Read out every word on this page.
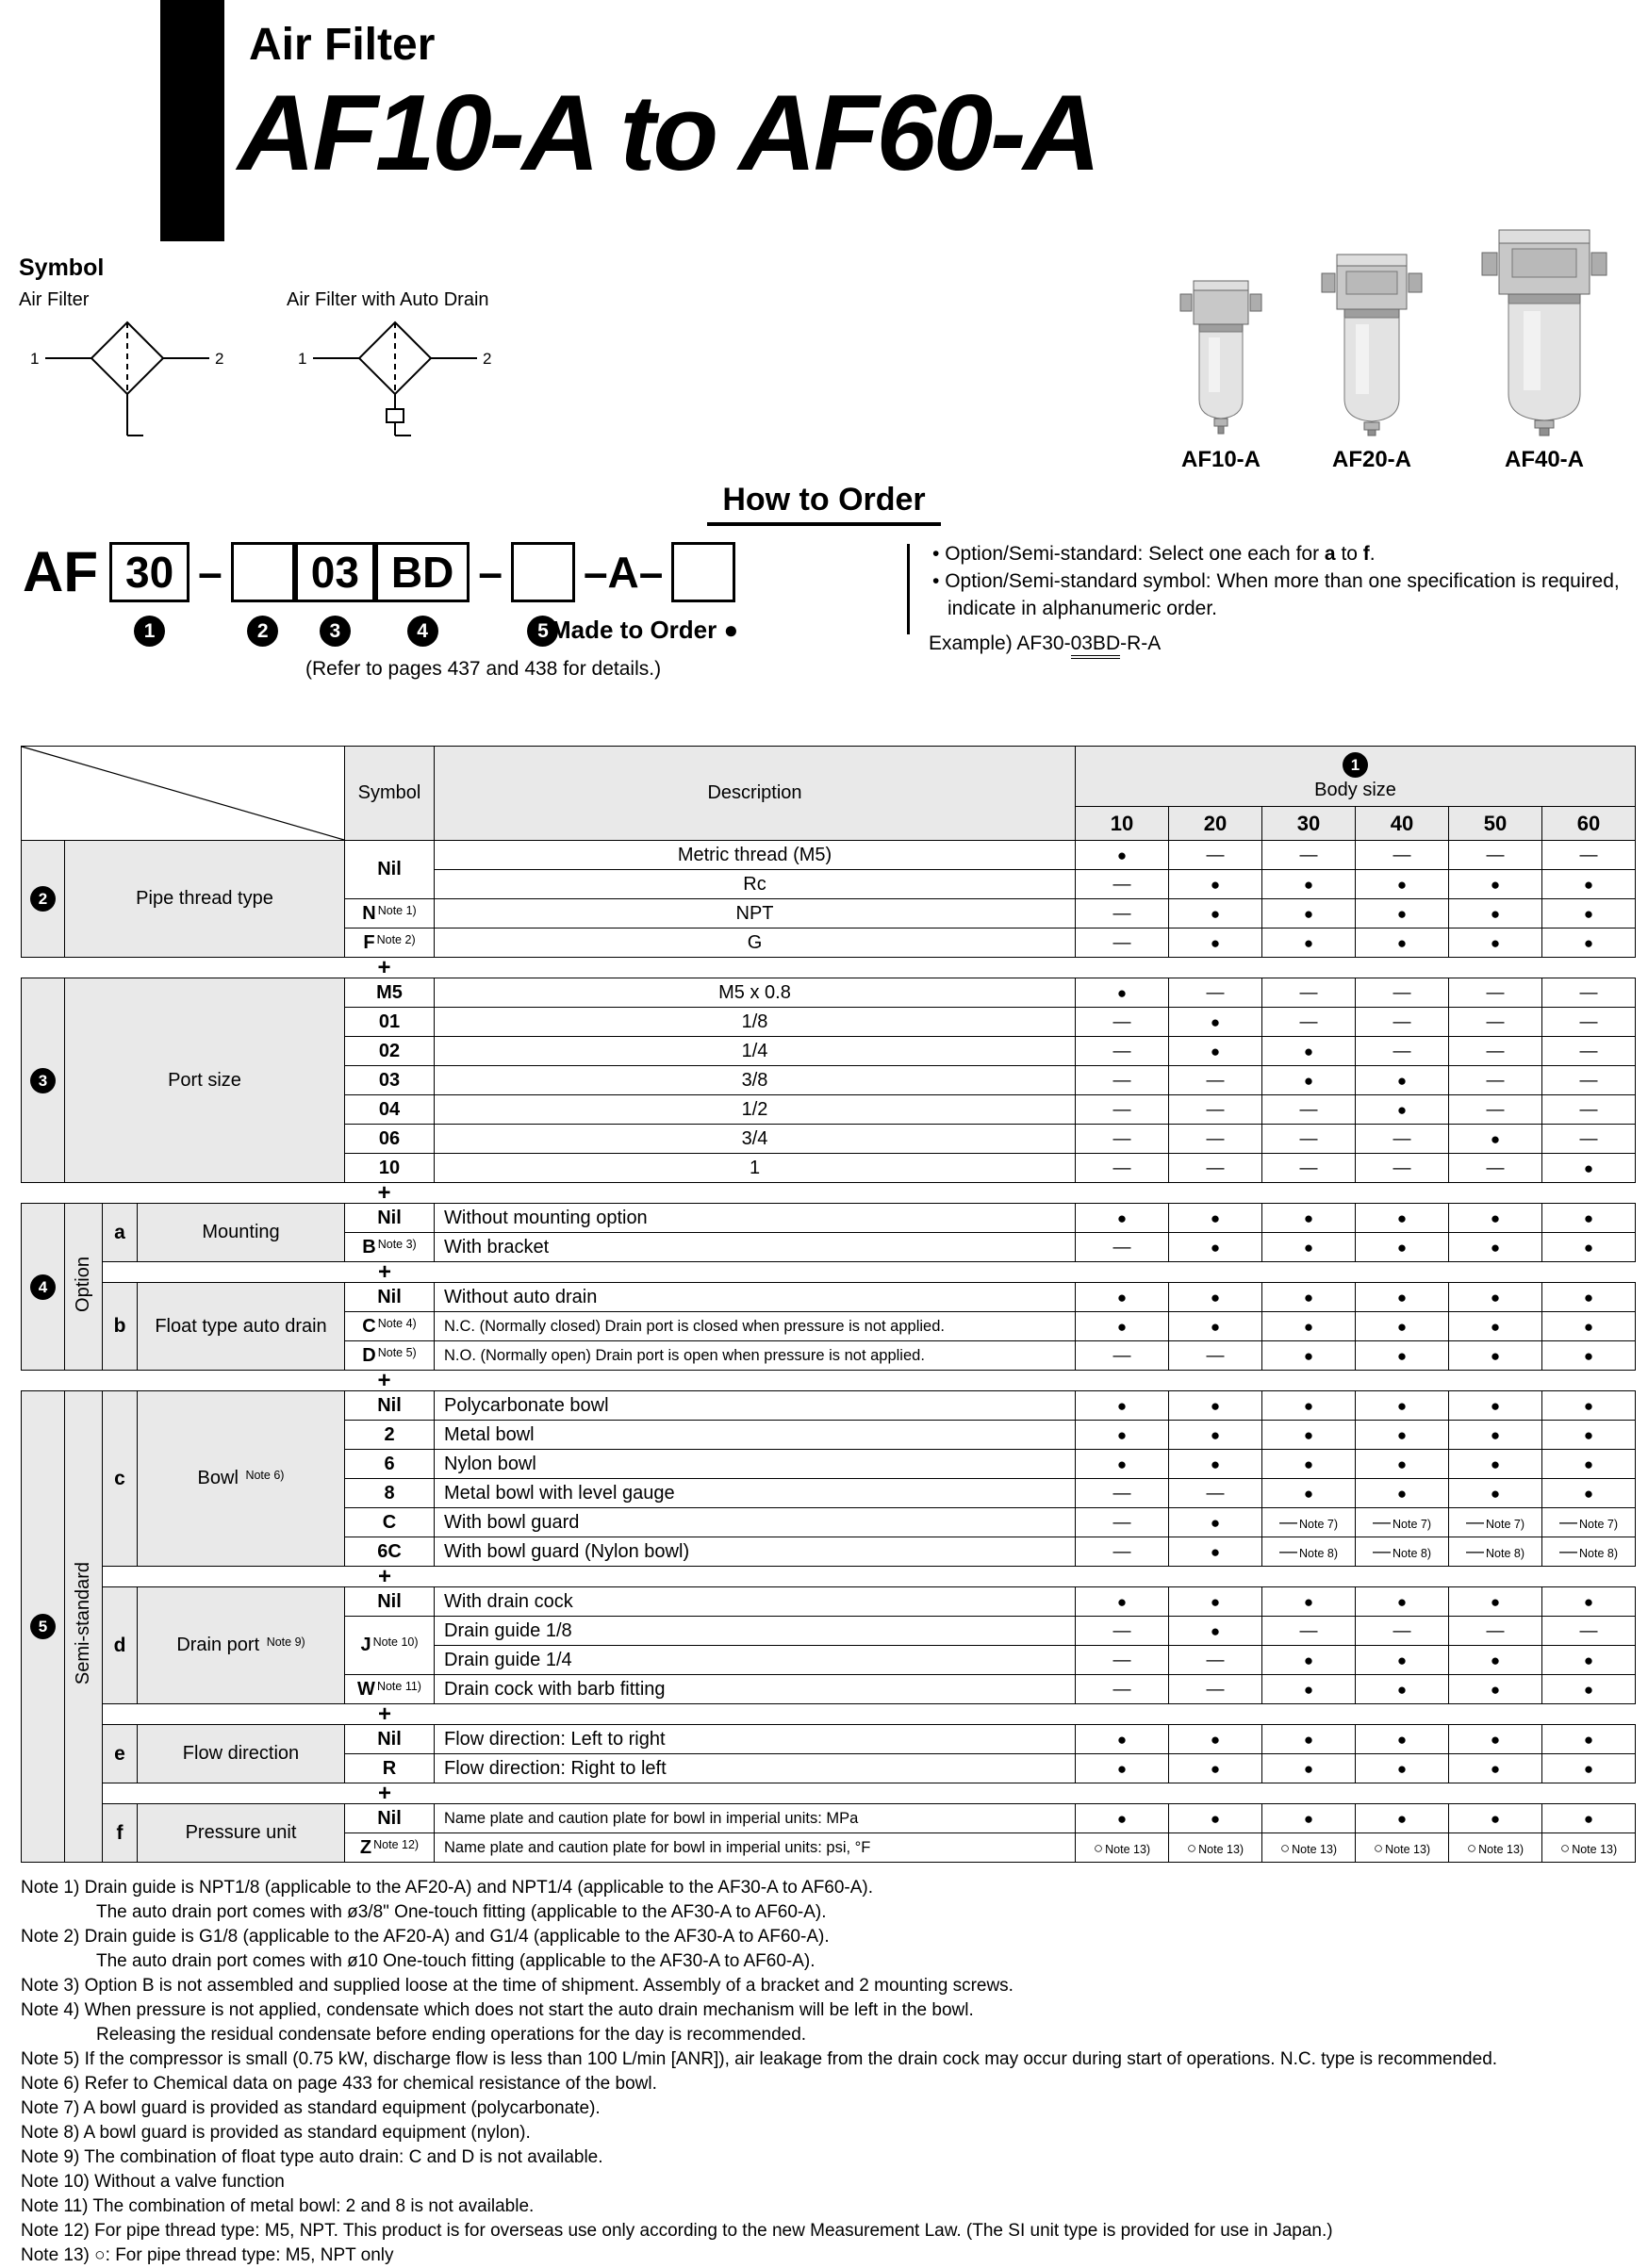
Air Filter
AF10-A to AF60-A
Symbol
Air Filter
1	2
Air Filter with Auto Drain
1	2
AF10-A	AF20-A	AF40-A
How to Order
AF 30
1
–
2
03
3
BD
4
–
5
–A–
Made to Order ●
(Refer to pages 437 and 438 for details.)
• Option/Semi-standard: Select one each for a to f.
• Option/Semi-standard symbol: When more than one specification is required, indicate in alphanumeric order.
Example) AF30-03BD-R-A
	Symbol	Description	1
Body size					

						10	20	30	40	50	60
2	Pipe thread type			Nil	Metric thread (M5)	●	—	—	—	—	—
					Rc	—	●	●	●	●	●
				N $^{Note 1)}$	NPT	—	●	●	●	●	●
				F $^{Note 2)}$	G	—	●	●	●	●	●
+											
3	Port size			M5	M5 x 0.8	●	—	—	—	—	—
				01	1/8	—	●	—	—	—	—
				02	1/4	—	●	●	—	—	—
				03	3/8	—	—	●	●	—	—
				04	1/2	—	—	—	●	—	—
				06	3/4	—	—	—	—	●	—
				10	1	—	—	—	—	—	●
+											
4	Option	a	Mounting	Nil	Without mounting option	●	●	●	●	●	●
				B $^{Note 3)}$	With bracket	—	●	●	●	●	●
		+									
		b	Float type auto drain	Nil	Without auto drain	●	●	●	●	●	●
				C $^{Note 4)}$	N.C. (Normally closed) Drain port is closed when pressure is not applied.	●	●	●	●	●	●
				D $^{Note 5)}$	N.O. (Normally open) Drain port is open when pressure is not applied.	—	—	●	●	●	●
+											
5	Semi-standard	c	Bowl $^{Note 6)}$	Nil	Polycarbonate bowl	●	●	●	●	●	●
				2	Metal bowl	●	●	●	●	●	●
				6	Nylon bowl	●	●	●	●	●	●
				8	Metal bowl with level gauge	—	—	●	●	●	●
				C	With bowl guard	—	●	— Note 7)	— Note 7)	— Note 7)	— Note 7)
				6C	With bowl guard (Nylon bowl)	—	●	— Note 8)	— Note 8)	— Note 8)	— Note 8)
		+									
		d	Drain port $^{Note 9)}$	Nil	With drain cock	●	●	●	●	●	●
				J $^{Note 10)}$	Drain guide 1/8	—	●	—	—	—	—
					Drain guide 1/4	—	—	●	●	●	●
				W $^{Note 11)}$	Drain cock with barb fitting	—	—	●	●	●	●
		+									
		e	Flow direction	Nil	Flow direction: Left to right	●	●	●	●	●	●
				R	Flow direction: Right to left	●	●	●	●	●	●
		+									
		f	Pressure unit	Nil	Name plate and caution plate for bowl in imperial units: MPa	●	●	●	●	●	●
				Z $^{Note 12)}$	Name plate and caution plate for bowl in imperial units: psi, °F	○ Note 13)	○ Note 13)	○ Note 13)	○ Note 13)	○ Note 13)	○ Note 13)
Note 1) Drain guide is NPT1/8 (applicable to the AF20-A) and NPT1/4 (applicable to the AF30-A to AF60-A).
The auto drain port comes with ø3/8" One-touch fitting (applicable to the AF30-A to AF60-A).
Note 2) Drain guide is G1/8 (applicable to the AF20-A) and G1/4 (applicable to the AF30-A to AF60-A).
The auto drain port comes with ø10 One-touch fitting (applicable to the AF30-A to AF60-A).
Note 3) Option B is not assembled and supplied loose at the time of shipment. Assembly of a bracket and 2 mounting screws.
Note 4) When pressure is not applied, condensate which does not start the auto drain mechanism will be left in the bowl.
Releasing the residual condensate before ending operations for the day is recommended.
Note 5) If the compressor is small (0.75 kW, discharge flow is less than 100 L/min [ANR]), air leakage from the drain cock may occur during start of operations. N.C. type is recommended.
Note 6) Refer to Chemical data on page 433 for chemical resistance of the bowl.
Note 7) A bowl guard is provided as standard equipment (polycarbonate).
Note 8) A bowl guard is provided as standard equipment (nylon).
Note 9) The combination of float type auto drain: C and D is not available.
Note 10) Without a valve function
Note 11) The combination of metal bowl: 2 and 8 is not available.
Note 12) For pipe thread type: M5, NPT. This product is for overseas use only according to the new Measurement Law. (The SI unit type is provided for use in Japan.)
Note 13) ○: For pipe thread type: M5, NPT only
